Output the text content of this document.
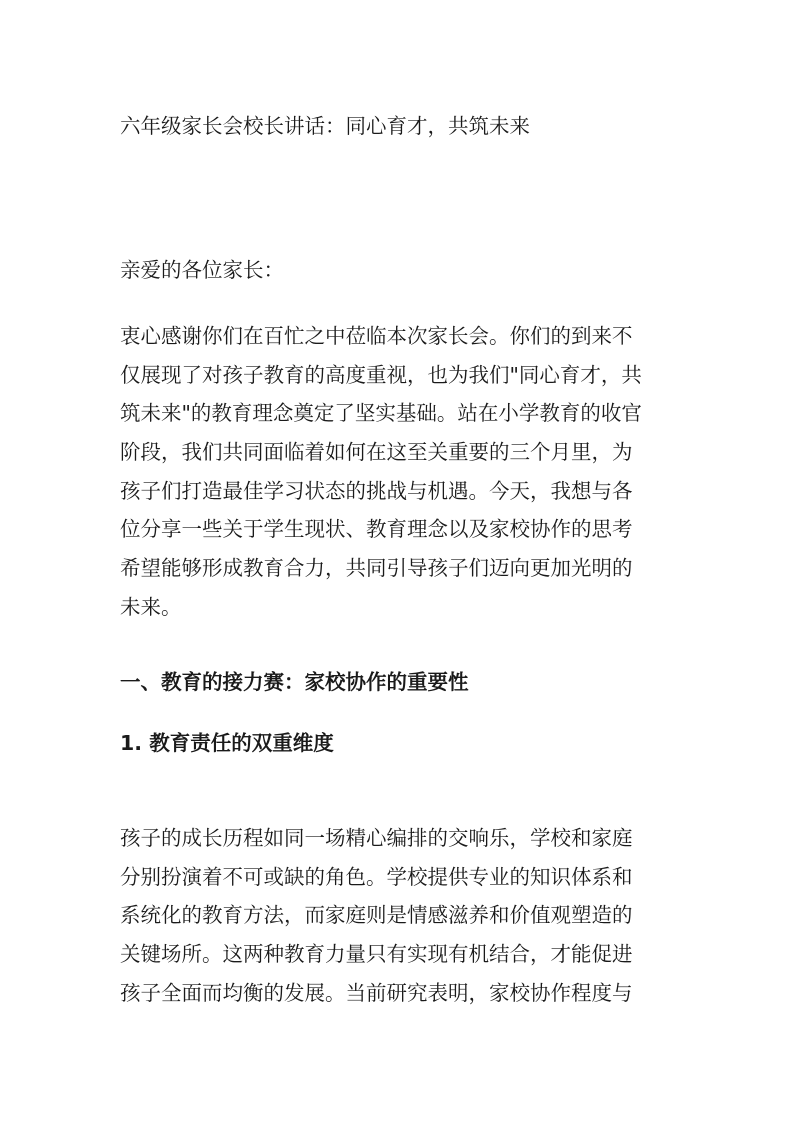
六年级家长会校长讲话：同心育才，共筑未来
亲爱的各位家长：
衷心感谢你们在百忙之中莅临本次家长会。你们的到来不
仅展现了对孩子教育的高度重视，也为我们"同心育才，共
筑未来"的教育理念奠定了坚实基础。站在小学教育的收官
阶段，我们共同面临着如何在这至关重要的三个月里，为
孩子们打造最佳学习状态的挑战与机遇。今天，我想与各
位分享一些关于学生现状、教育理念以及家校协作的思考
希望能够形成教育合力，共同引导孩子们迈向更加光明的
未来。
一、教育的接力赛：家校协作的重要性
1. 教育责任的双重维度
孩子的成长历程如同一场精心编排的交响乐，学校和家庭
分别扮演着不可或缺的角色。学校提供专业的知识体系和
系统化的教育方法，而家庭则是情感滋养和价值观塑造的
关键场所。这两种教育力量只有实现有机结合，才能促进
孩子全面而均衡的发展。当前研究表明，家校协作程度与
